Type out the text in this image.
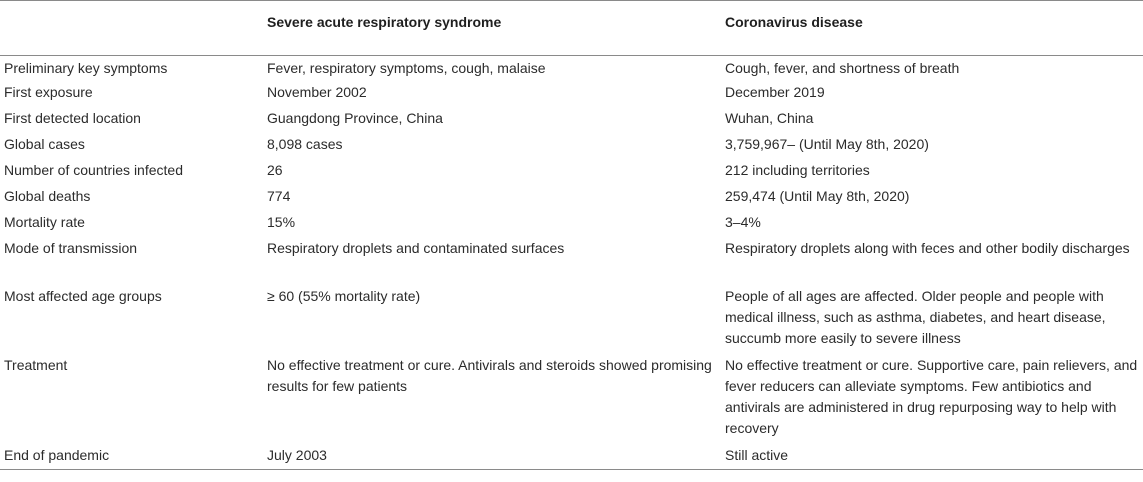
	Severe acute respiratory syndrome	Coronavirus disease
Preliminary key symptoms	Fever, respiratory symptoms, cough, malaise	Cough, fever, and shortness of breath
First exposure	November 2002	December 2019
First detected location	Guangdong Province, China	Wuhan, China
Global cases	8,098 cases	3,759,967– (Until May 8th, 2020)
Number of countries infected	26	212 including territories
Global deaths	774	259,474 (Until May 8th, 2020)
Mortality rate	15%	3–4%
Mode of transmission	Respiratory droplets and contaminated surfaces	Respiratory droplets along with feces and other bodily discharges
Most affected age groups	≥ 60 (55% mortality rate)	People of all ages are affected. Older people and people with medical illness, such as asthma, diabetes, and heart disease, succumb more easily to severe illness
Treatment	No effective treatment or cure. Antivirals and steroids showed promising results for few patients	No effective treatment or cure. Supportive care, pain relievers, and fever reducers can alleviate symptoms. Few antibiotics and antivirals are administered in drug repurposing way to help with recovery
End of pandemic	July 2003	Still active
